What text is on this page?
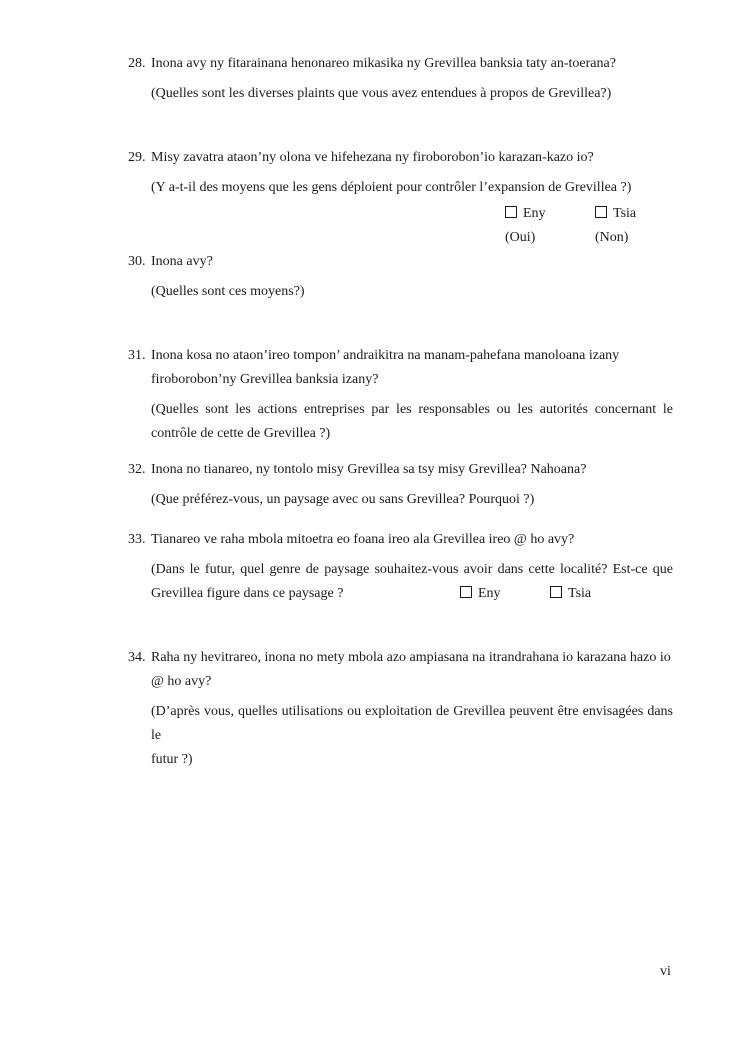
28. Inona avy ny fitarainana henonareo mikasika ny Grevillea banksia taty an-toerana?
(Quelles sont les diverses plaints que vous avez entendues à propos de Grevillea?)
29. Misy zavatra ataon’ny olona ve hifehezana ny firoborobon’io karazan-kazo io?
(Y a-t-il des moyens que les gens déploient pour contrôler l’expansion de Grevillea ?)
Eny	Tsia
(Oui)	(Non)
30. Inona avy?
(Quelles sont ces moyens?)
31. Inona kosa no ataon’ireo tompon’ andraikitra na manam-pahefana manoloana izany
firoborobon’ny Grevillea banksia izany?
(Quelles sont les actions entreprises par les responsables ou les autorités concernant le
contrôle de cette de Grevillea ?)
32. Inona no tianareo, ny tontolo misy Grevillea sa tsy misy Grevillea? Nahoana?
(Que préférez-vous, un paysage avec ou sans Grevillea? Pourquoi ?)
33. Tianareo ve raha mbola mitoetra eo foana ireo ala Grevillea ireo @ ho avy?
(Dans le futur, quel genre de paysage souhaitez-vous avoir dans cette localité? Est-ce que
Grevillea figure dans ce paysage ?	Eny	Tsia
34. Raha ny hevitrareo, inona no mety mbola azo ampiasana na itrandrahana io karazana hazo io
@ ho avy?
(D’après vous, quelles utilisations ou exploitation de Grevillea peuvent être envisagées dans le
futur ?)
vi
